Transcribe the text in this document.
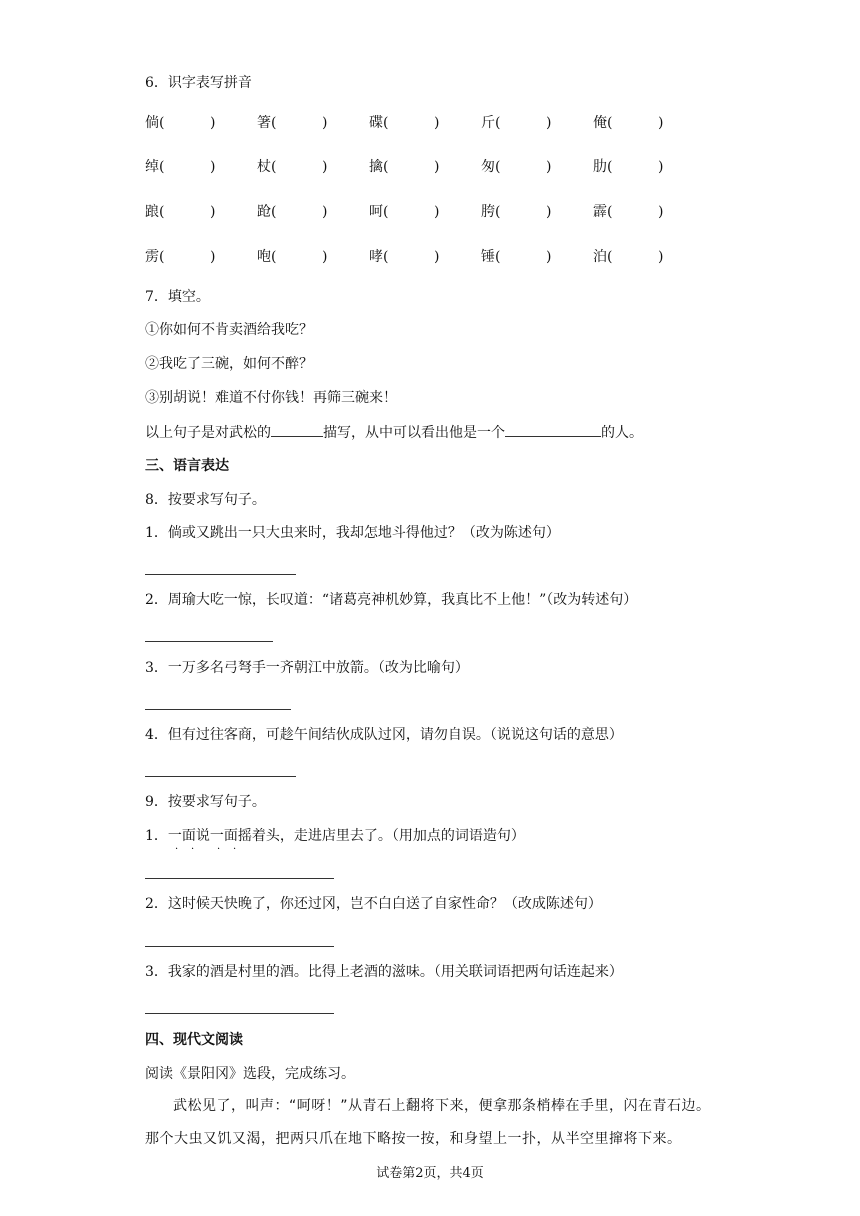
6．识字表写拼音
倘(	)	箸(	)	碟(	)	斤(	)	俺(	)
绰(	)	杖(	)	擒(	)	匆(	)	肋(	)
踉(	)	跄(	)	呵(	)	胯(	)	霹(	)
雳(	)	咆(	)	哮(	)	锤(	)	泊(	)
7．填空。
①你如何不肯卖酒给我吃？
②我吃了三碗，如何不醉？
③别胡说！难道不付你钱！再筛三碗来！
以上句子是对武松的	描写，从中可以看出他是一个	的人。
三、语言表达
8．按要求写句子。
1．倘或又跳出一只大虫来时，我却怎地斗得他过？（改为陈述句）
2．周瑜大吃一惊，长叹道：“诸葛亮神机妙算，我真比不上他！”（改为转述句）
3．一万多名弓弩手一齐朝江中放箭。（改为比喻句）
4．但有过往客商，可趁午间结伙成队过冈，请勿自误。（说说这句话的意思）
9．按要求写句子。
1．一面说一面摇着头，走进店里去了。（用加点的词语造句）
· · · ·
2．这时候天快晚了，你还过冈，岂不白白送了自家性命？（改成陈述句）
3．我家的酒是村里的酒。比得上老酒的滋味。（用关联词语把两句话连起来）
四、现代文阅读
阅读《景阳冈》选段，完成练习。
武松见了，叫声：“呵呀！”从青石上翻将下来，便拿那条梢棒在手里，闪在青石边。那个大虫又饥又渴，把两只爪在地下略按一按，和身望上一扑，从半空里撺将下来。
试卷第2页，共4页
